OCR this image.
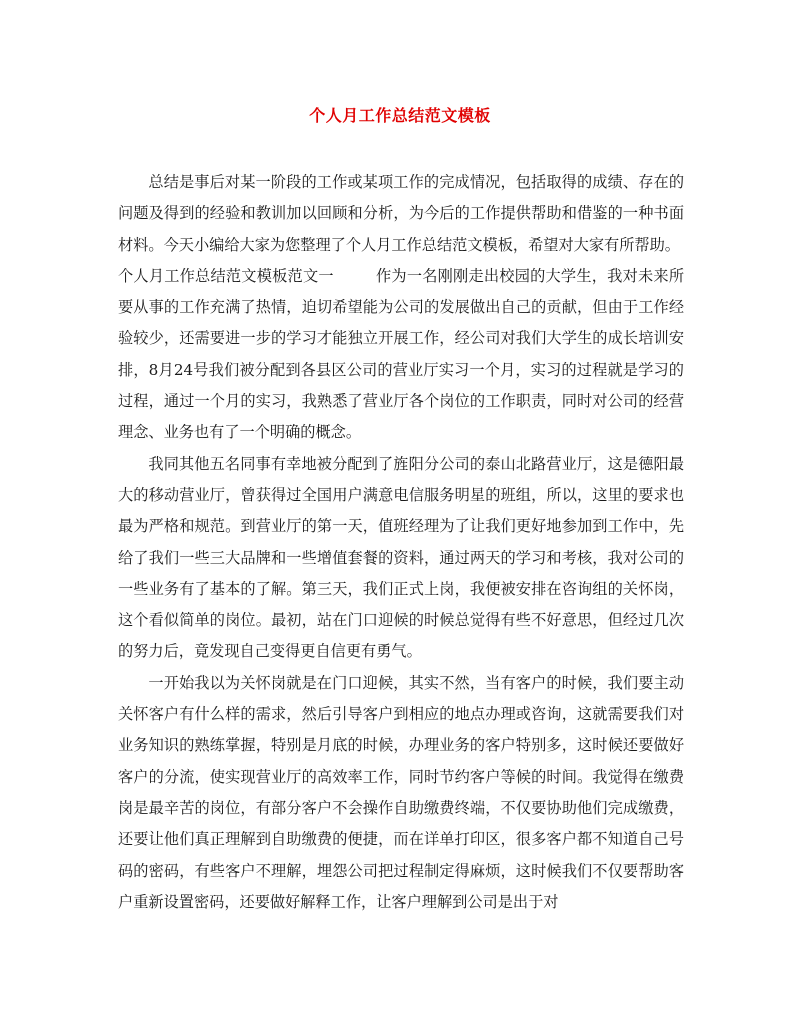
个人月工作总结范文模板

总结是事后对某一阶段的工作或某项工作的完成情况，包括取得的成绩、存在的问题及得到的经验和教训加以回顾和分析，为今后的工作提供帮助和借鉴的一种书面材料。今天小编给大家为您整理了个人月工作总结范文模板，希望对大家有所帮助。

个人月工作总结范文模板范文一	作为一名刚刚走出校园的大学生，我对未来所要从事的工作充满了热情，迫切希望能为公司的发展做出自己的贡献，但由于工作经验较少，还需要进一步的学习才能独立开展工作，经公司对我们大学生的成长培训安排，8月24号我们被分配到各县区公司的营业厅实习一个月，实习的过程就是学习的过程，通过一个月的实习，我熟悉了营业厅各个岗位的工作职责，同时对公司的经营理念、业务也有了一个明确的概念。

我同其他五名同事有幸地被分配到了旌阳分公司的泰山北路营业厅，这是德阳最大的移动营业厅，曾获得过全国用户满意电信服务明星的班组，所以，这里的要求也最为严格和规范。到营业厅的第一天，值班经理为了让我们更好地参加到工作中，先给了我们一些三大品牌和一些增值套餐的资料，通过两天的学习和考核，我对公司的一些业务有了基本的了解。第三天，我们正式上岗，我便被安排在咨询组的关怀岗，这个看似简单的岗位。最初，站在门口迎候的时候总觉得有些不好意思，但经过几次的努力后，竟发现自己变得更自信更有勇气。

一开始我以为关怀岗就是在门口迎候，其实不然，当有客户的时候，我们要主动关怀客户有什么样的需求，然后引导客户到相应的地点办理或咨询，这就需要我们对业务知识的熟练掌握，特别是月底的时候，办理业务的客户特别多，这时候还要做好客户的分流，使实现营业厅的高效率工作，同时节约客户等候的时间。我觉得在缴费岗是最辛苦的岗位，有部分客户不会操作自助缴费终端，不仅要协助他们完成缴费，还要让他们真正理解到自助缴费的便捷，而在详单打印区，很多客户都不知道自己号码的密码，有些客户不理解，埋怨公司把过程制定得麻烦，这时候我们不仅要帮助客户重新设置密码，还要做好解释工作，让客户理解到公司是出于对
